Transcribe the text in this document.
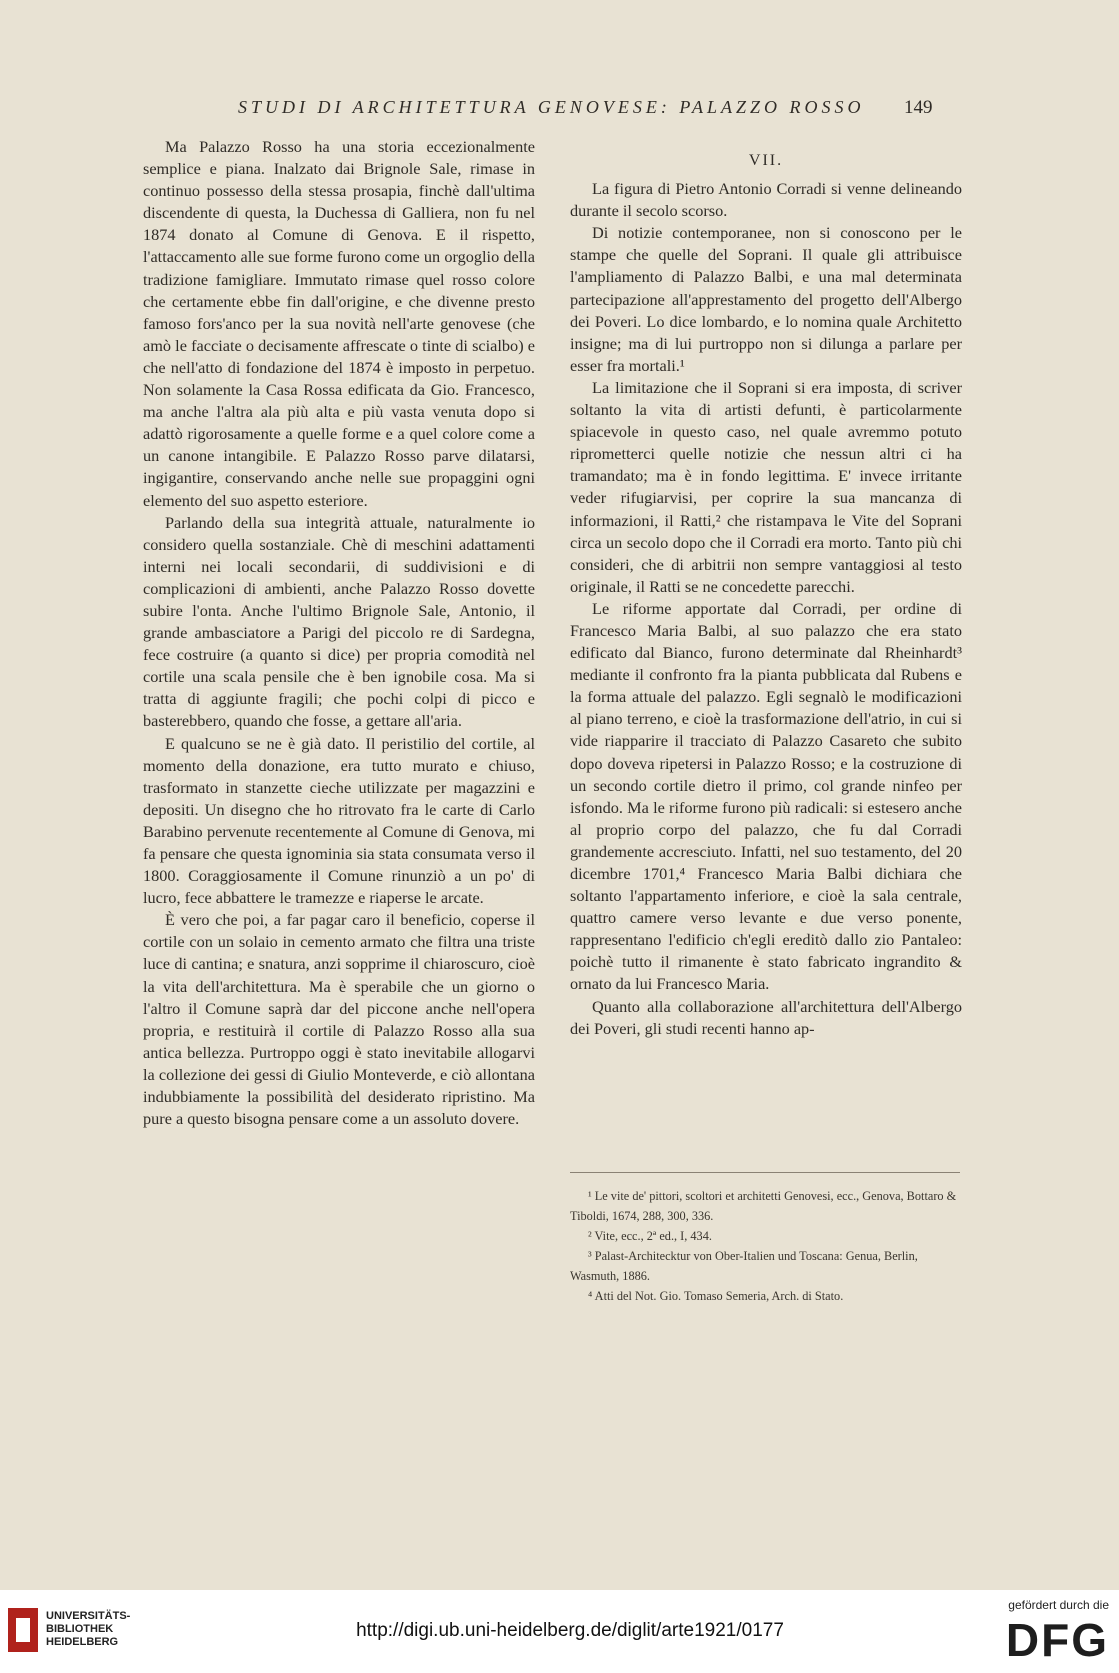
STUDI DI ARCHITETTURA GENOVESE: PALAZZO ROSSO 149

Ma Palazzo Rosso ha una storia eccezionalmente semplice e piana. Inalzato dai Brignole Sale, rimase in continuo possesso della stessa prosapia, finchè dall'ultima discendente di questa, la Duchessa di Galliera, non fu nel 1874 donato al Comune di Genova. E il rispetto, l'attaccamento alle sue forme furono come un orgoglio della tradizione famigliare. Immutato rimase quel rosso colore che certamente ebbe fin dall'origine, e che divenne presto famoso fors'anco per la sua novità nell'arte genovese (che amò le facciate o decisamente affrescate o tinte di scialbo) e che nell'atto di fondazione del 1874 è imposto in perpetuo. Non solamente la Casa Rossa edificata da Gio. Francesco, ma anche l'altra ala più alta e più vasta venuta dopo si adattò rigorosamente a quelle forme e a quel colore come a un canone intangibile. E Palazzo Rosso parve dilatarsi, ingigantire, conservando anche nelle sue propaggini ogni elemento del suo aspetto esteriore.

Parlando della sua integrità attuale, naturalmente io considero quella sostanziale. Chè di meschini adattamenti interni nei locali secondarii, di suddivisioni e di complicazioni di ambienti, anche Palazzo Rosso dovette subire l'onta. Anche l'ultimo Brignole Sale, Antonio, il grande ambasciatore a Parigi del piccolo re di Sardegna, fece costruire (a quanto si dice) per propria comodità nel cortile una scala pensile che è ben ignobile cosa. Ma si tratta di aggiunte fragili; che pochi colpi di picco e basterebbero, quando che fosse, a gettare all'aria.

E qualcuno se ne è già dato. Il peristilio del cortile, al momento della donazione, era tutto murato e chiuso, trasformato in stanzette cieche utilizzate per magazzini e depositi. Un disegno che ho ritrovato fra le carte di Carlo Barabino pervenute recentemente al Comune di Genova, mi fa pensare che questa ignominia sia stata consumata verso il 1800. Coraggiosamente il Comune rinunziò a un po' di lucro, fece abbattere le tramezze e riaperse le arcate.

È vero che poi, a far pagar caro il beneficio, coperse il cortile con un solaio in cemento armato che filtra una triste luce di cantina; e snatura, anzi sopprime il chiaroscuro, cioè la vita dell'architettura. Ma è sperabile che un giorno o l'altro il Comune saprà dar del piccone anche nell'opera propria, e restituirà il cortile di Palazzo Rosso alla sua antica bellezza. Purtroppo oggi è stato inevitabile allogarvi la collezione dei gessi di Giulio Monteverde, e ciò allontana indubbiamente la possibilità del desiderato ripristino. Ma pure a questo bisogna pensare come a un assoluto dovere.

VII.

La figura di Pietro Antonio Corradi si venne delineando durante il secolo scorso.

Di notizie contemporanee, non si conoscono per le stampe che quelle del Soprani. Il quale gli attribuisce l'ampliamento di Palazzo Balbi, e una mal determinata partecipazione all'apprestamento del progetto dell'Albergo dei Poveri. Lo dice lombardo, e lo nomina quale Architetto insigne; ma di lui purtroppo non si dilunga a parlare per esser fra mortali.¹

La limitazione che il Soprani si era imposta, di scriver soltanto la vita di artisti defunti, è particolarmente spiacevole in questo caso, nel quale avremmo potuto riprometterci quelle notizie che nessun altri ci ha tramandato; ma è in fondo legittima. E' invece irritante veder rifugiarvisi, per coprire la sua mancanza di informazioni, il Ratti,² che ristampava le Vite del Soprani circa un secolo dopo che il Corradi era morto. Tanto più chi consideri, che di arbitrii non sempre vantaggiosi al testo originale, il Ratti se ne concedette parecchi.

Le riforme apportate dal Corradi, per ordine di Francesco Maria Balbi, al suo palazzo che era stato edificato dal Bianco, furono determinate dal Rheinhardt³ mediante il confronto fra la pianta pubblicata dal Rubens e la forma attuale del palazzo. Egli segnalò le modificazioni al piano terreno, e cioè la trasformazione dell'atrio, in cui si vide riapparire il tracciato di Palazzo Casareto che subito dopo doveva ripetersi in Palazzo Rosso; e la costruzione di un secondo cortile dietro il primo, col grande ninfeo per isfondo. Ma le riforme furono più radicali: si estesero anche al proprio corpo del palazzo, che fu dal Corradi grandemente accresciuto. Infatti, nel suo testamento, del 20 dicembre 1701,⁴ Francesco Maria Balbi dichiara che soltanto l'appartamento inferiore, e cioè la sala centrale, quattro camere verso levante e due verso ponente, rappresentano l'edificio ch'egli ereditò dallo zio Pantaleo: poichè tutto il rimanente è stato fabricato ingrandito & ornato da lui Francesco Maria.

Quanto alla collaborazione all'architettura dell'Albergo dei Poveri, gli studi recenti hanno ap-

¹ Le vite de' pittori, scoltori et architetti Genovesi, ecc., Genova, Bottaro & Tiboldi, 1674, 288, 300, 336.

² Vite, ecc., 2ª ed., I, 434.

³ Palast-Architecktur von Ober-Italien und Toscana: Genua, Berlin, Wasmuth, 1886.

⁴ Atti del Not. Gio. Tomaso Semeria, Arch. di Stato.

UNIVERSITÄTS-
BIBLIOTHEK
HEIDELBERG
http://digi.ub.uni-heidelberg.de/diglit/arte1921/0177
gefördert durch die
DFG
